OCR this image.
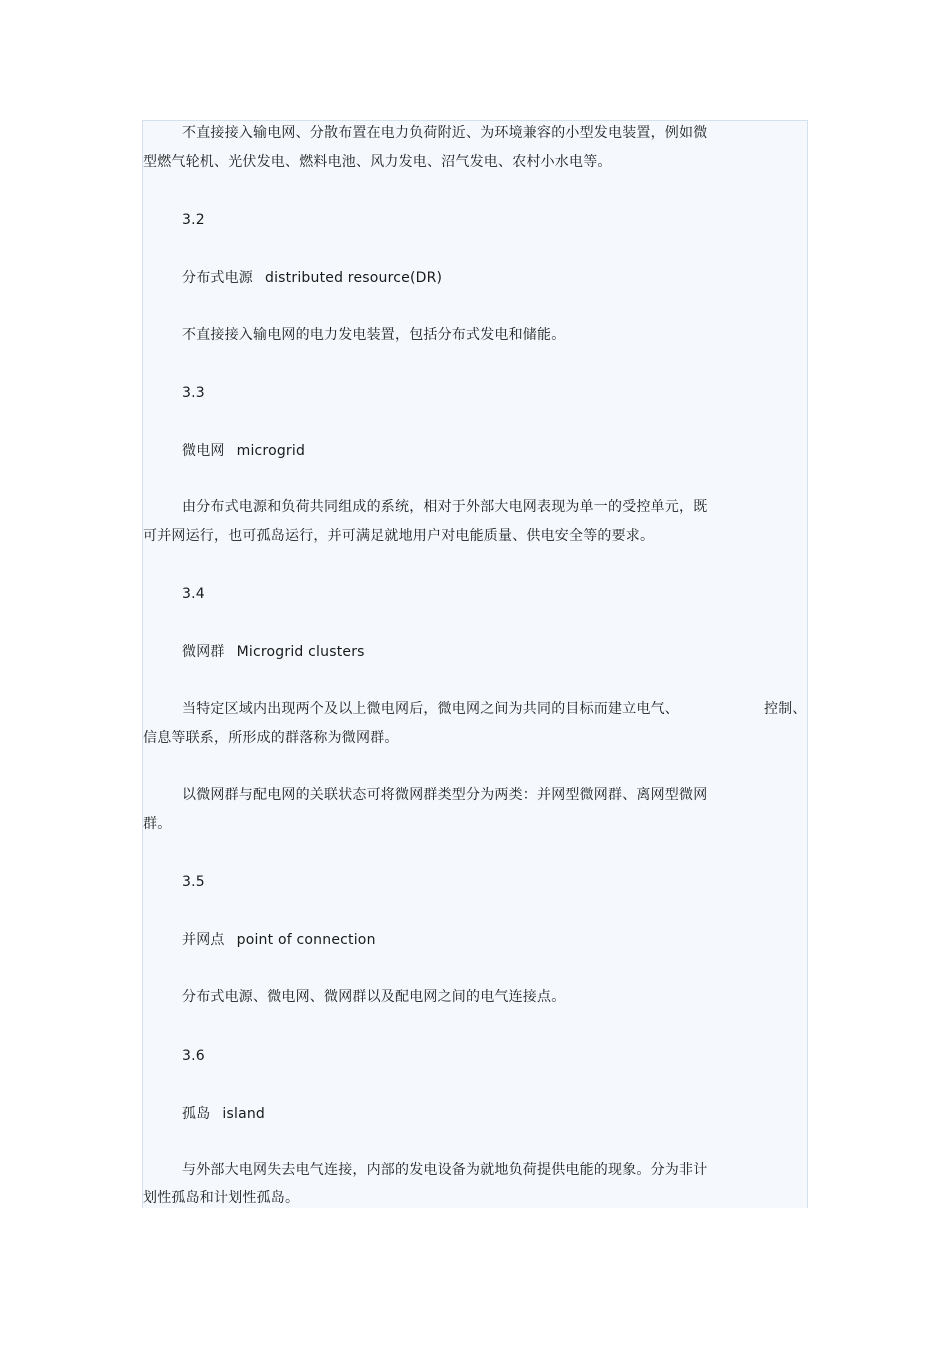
不直接接入输电网、分散布置在电力负荷附近、为环境兼容的小型发电装置，例如微
型燃气轮机、光伏发电、燃料电池、风力发电、沼气发电、农村小水电等。
3.2
分布式电源 distributed resource(DR)
不直接接入输电网的电力发电装置，包括分布式发电和储能。
3.3
微电网 microgrid
由分布式电源和负荷共同组成的系统，相对于外部大电网表现为单一的受控单元，既
可并网运行，也可孤岛运行，并可满足就地用户对电能质量、供电安全等的要求。
3.4
微网群 Microgrid clusters
当特定区域内出现两个及以上微电网后，微电网之间为共同的目标而建立电气、	控制、
信息等联系，所形成的群落称为微网群。
以微网群与配电网的关联状态可将微网群类型分为两类：并网型微网群、离网型微网
群。
3.5
并网点 point of connection
分布式电源、微电网、微网群以及配电网之间的电气连接点。
3.6
孤岛 island
与外部大电网失去电气连接，内部的发电设备为就地负荷提供电能的现象。分为非计
划性孤岛和计划性孤岛。
